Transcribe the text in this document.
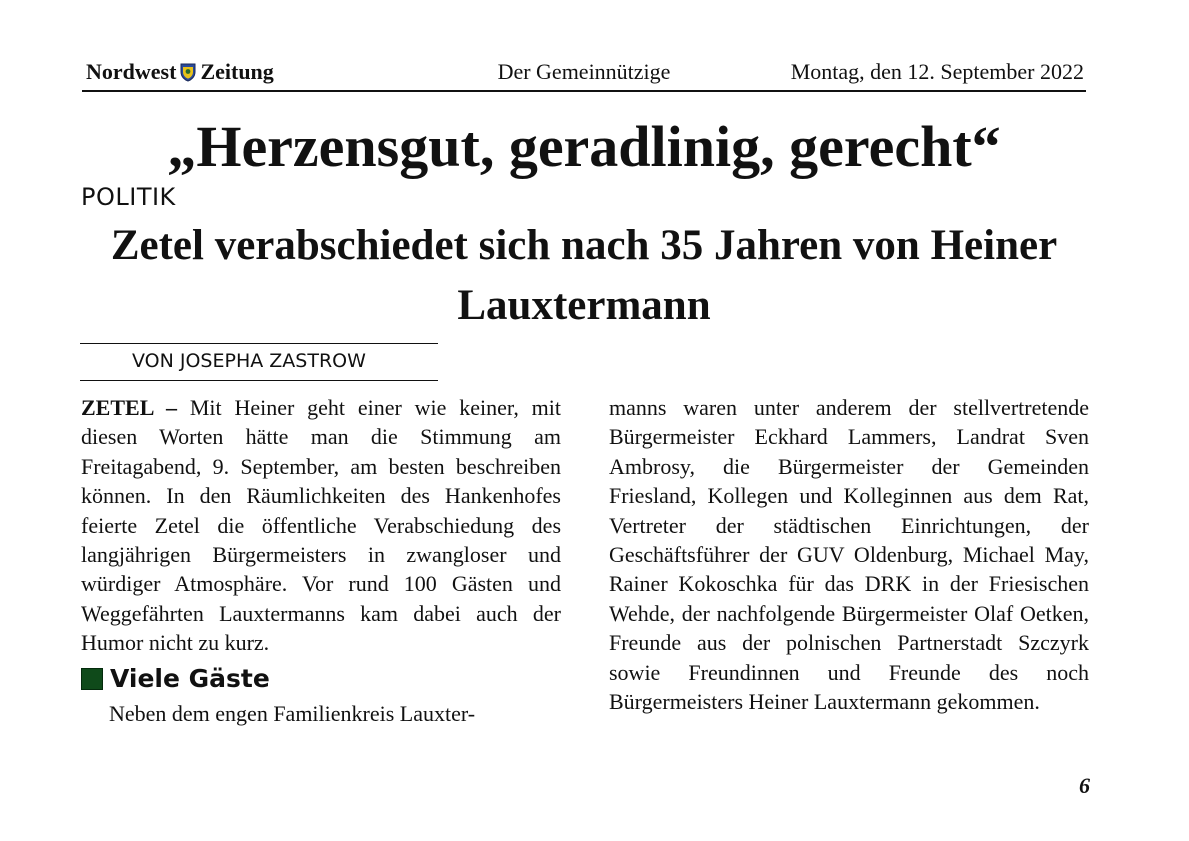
Nordwest Zeitung	Der Gemeinnützige	Montag, den 12. September 2022
„Herzensgut, geradlinig, gerecht“
POLITIK
Zetel verabschiedet sich nach 35 Jahren von Heiner Lauxtermann
VON JOSEPHA ZASTROW

ZETEL – Mit Heiner geht einer wie keiner, mit diesen Worten hätte man die Stimmung am Freitagabend, 9. September, am besten beschreiben können. In den Räumlichkeiten des Hankenhofes feierte Zetel die öffentliche Verabschiedung des langjährigen Bürgermeisters in zwangloser und würdiger Atmosphäre. Vor rund 100 Gästen und Weggefährten Lauxtermanns kam dabei auch der Humor nicht zu kurz.

Viele Gäste

Neben dem engen Familienkreis Lauxter-

manns waren unter anderem der stellvertretende Bürgermeister Eckhard Lammers, Landrat Sven Ambrosy, die Bürgermeister der Gemeinden Friesland, Kollegen und Kolleginnen aus dem Rat, Vertreter der städtischen Einrichtungen, der Geschäftsführer der GUV Oldenburg, Michael May, Rainer Kokoschka für das DRK in der Friesischen Wehde, der nachfolgende Bürgermeister Olaf Oetken, Freunde aus der polnischen Partnerstadt Szczyrk sowie Freundinnen und Freunde des noch Bürgermeisters Heiner Lauxtermann gekommen.

6
